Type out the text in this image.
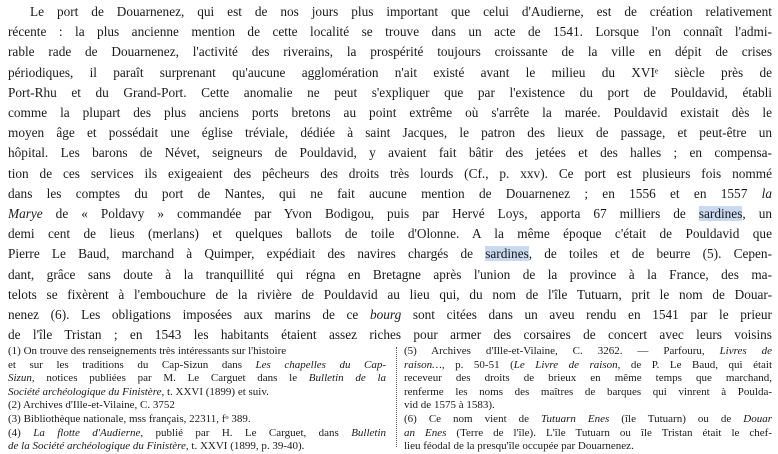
Le port de Douarnenez, qui est de nos jours plus important que celui d'Audierne, est de création relativement
récente : la plus ancienne mention de cette localité se trouve dans un acte de 1541. Lorsque l'on connaît l'admi-
rable rade de Douarnenez, l'activité des riverains, la prospérité toujours croissante de la ville en dépit de crises
périodiques, il paraît surprenant qu'aucune agglomération n'ait existé avant le milieu du XVIᵉ siècle près de
Port-Rhu et du Grand-Port. Cette anomalie ne peut s'expliquer que par l'existence du port de Pouldavid, établi
comme la plupart des plus anciens ports bretons au point extrême où s'arrête la marée. Pouldavid existait dès le
moyen âge et possédait une église tréviale, dédiée à saint Jacques, le patron des lieux de passage, et peut-être un
hôpital. Les barons de Névet, seigneurs de Pouldavid, y avaient fait bâtir des jetées et des halles ; en compensa-
tion de ces services ils exigeaient des pêcheurs des droits très lourds (Cf., p. xxv). Ce port est plusieurs fois nommé
dans les comptes du port de Nantes, qui ne fait aucune mention de Douarnenez ; en 1556 et en 1557 la
Marye de « Poldavy » commandée par Yvon Bodigou, puis par Hervé Loys, apporta 67 milliers de sardines, un
demi cent de lieus (merlans) et quelques ballots de toile d'Olonne. A la même époque c'était de Pouldavid que
Pierre Le Baud, marchand à Quimper, expédiait des navires chargés de sardines, de toiles et de beurre (5). Cepen-
dant, grâce sans doute à la tranquillité qui régna en Bretagne après l'union de la province à la France, des ma-
telots se fixèrent à l'embouchure de la rivière de Pouldavid au lieu qui, du nom de l'île Tutuarn, prit le nom de Douar-
nenez (6). Les obligations imposées aux marins de ce bourg sont citées dans un aveu rendu en 1541 par le prieur
de l'île Tristan ; en 1543 les habitants étaient assez riches pour armer des corsaires de concert avec leurs voisins
(1) On trouve des renseignements très intéressants sur l'histoire
et sur les traditions du Cap-Sizun dans Les chapelles du Cap-
Sizun, notices publiées par M. Le Carguet dans le Bulletin de la
Société archéologique du Finistère, t. XXVI (1899) et suiv.
(2) Archives d'Ille-et-Vilaine, C. 3752
(3) Bibliothèque nationale, mss français, 22311, fᵒ 389.
(4) La flotte d'Audierne, publié par H. Le Carguet, dans Bulletin
de la Société archéologique du Finistère, t. XXVI (1899, p. 39-40).
(5) Archives d'Ille-et-Vilaine, C. 3262. — Parfouru, Livres de
raison…, p. 50-51 (Le Livre de raison, de P. Le Baud, qui était
receveur des droits de brieux en même temps que marchand,
renferme les noms des maîtres de barques qui vinrent à Poulda-
vid de 1575 à 1583).
(6) Ce nom vient de Tutuarn Enes (île Tutuarn) ou de Douar
an Enes (Terre de l'île). L'île Tutuarn ou île Tristan était le chef-
lieu féodal de la presqu'île occupée par Douarnenez.
